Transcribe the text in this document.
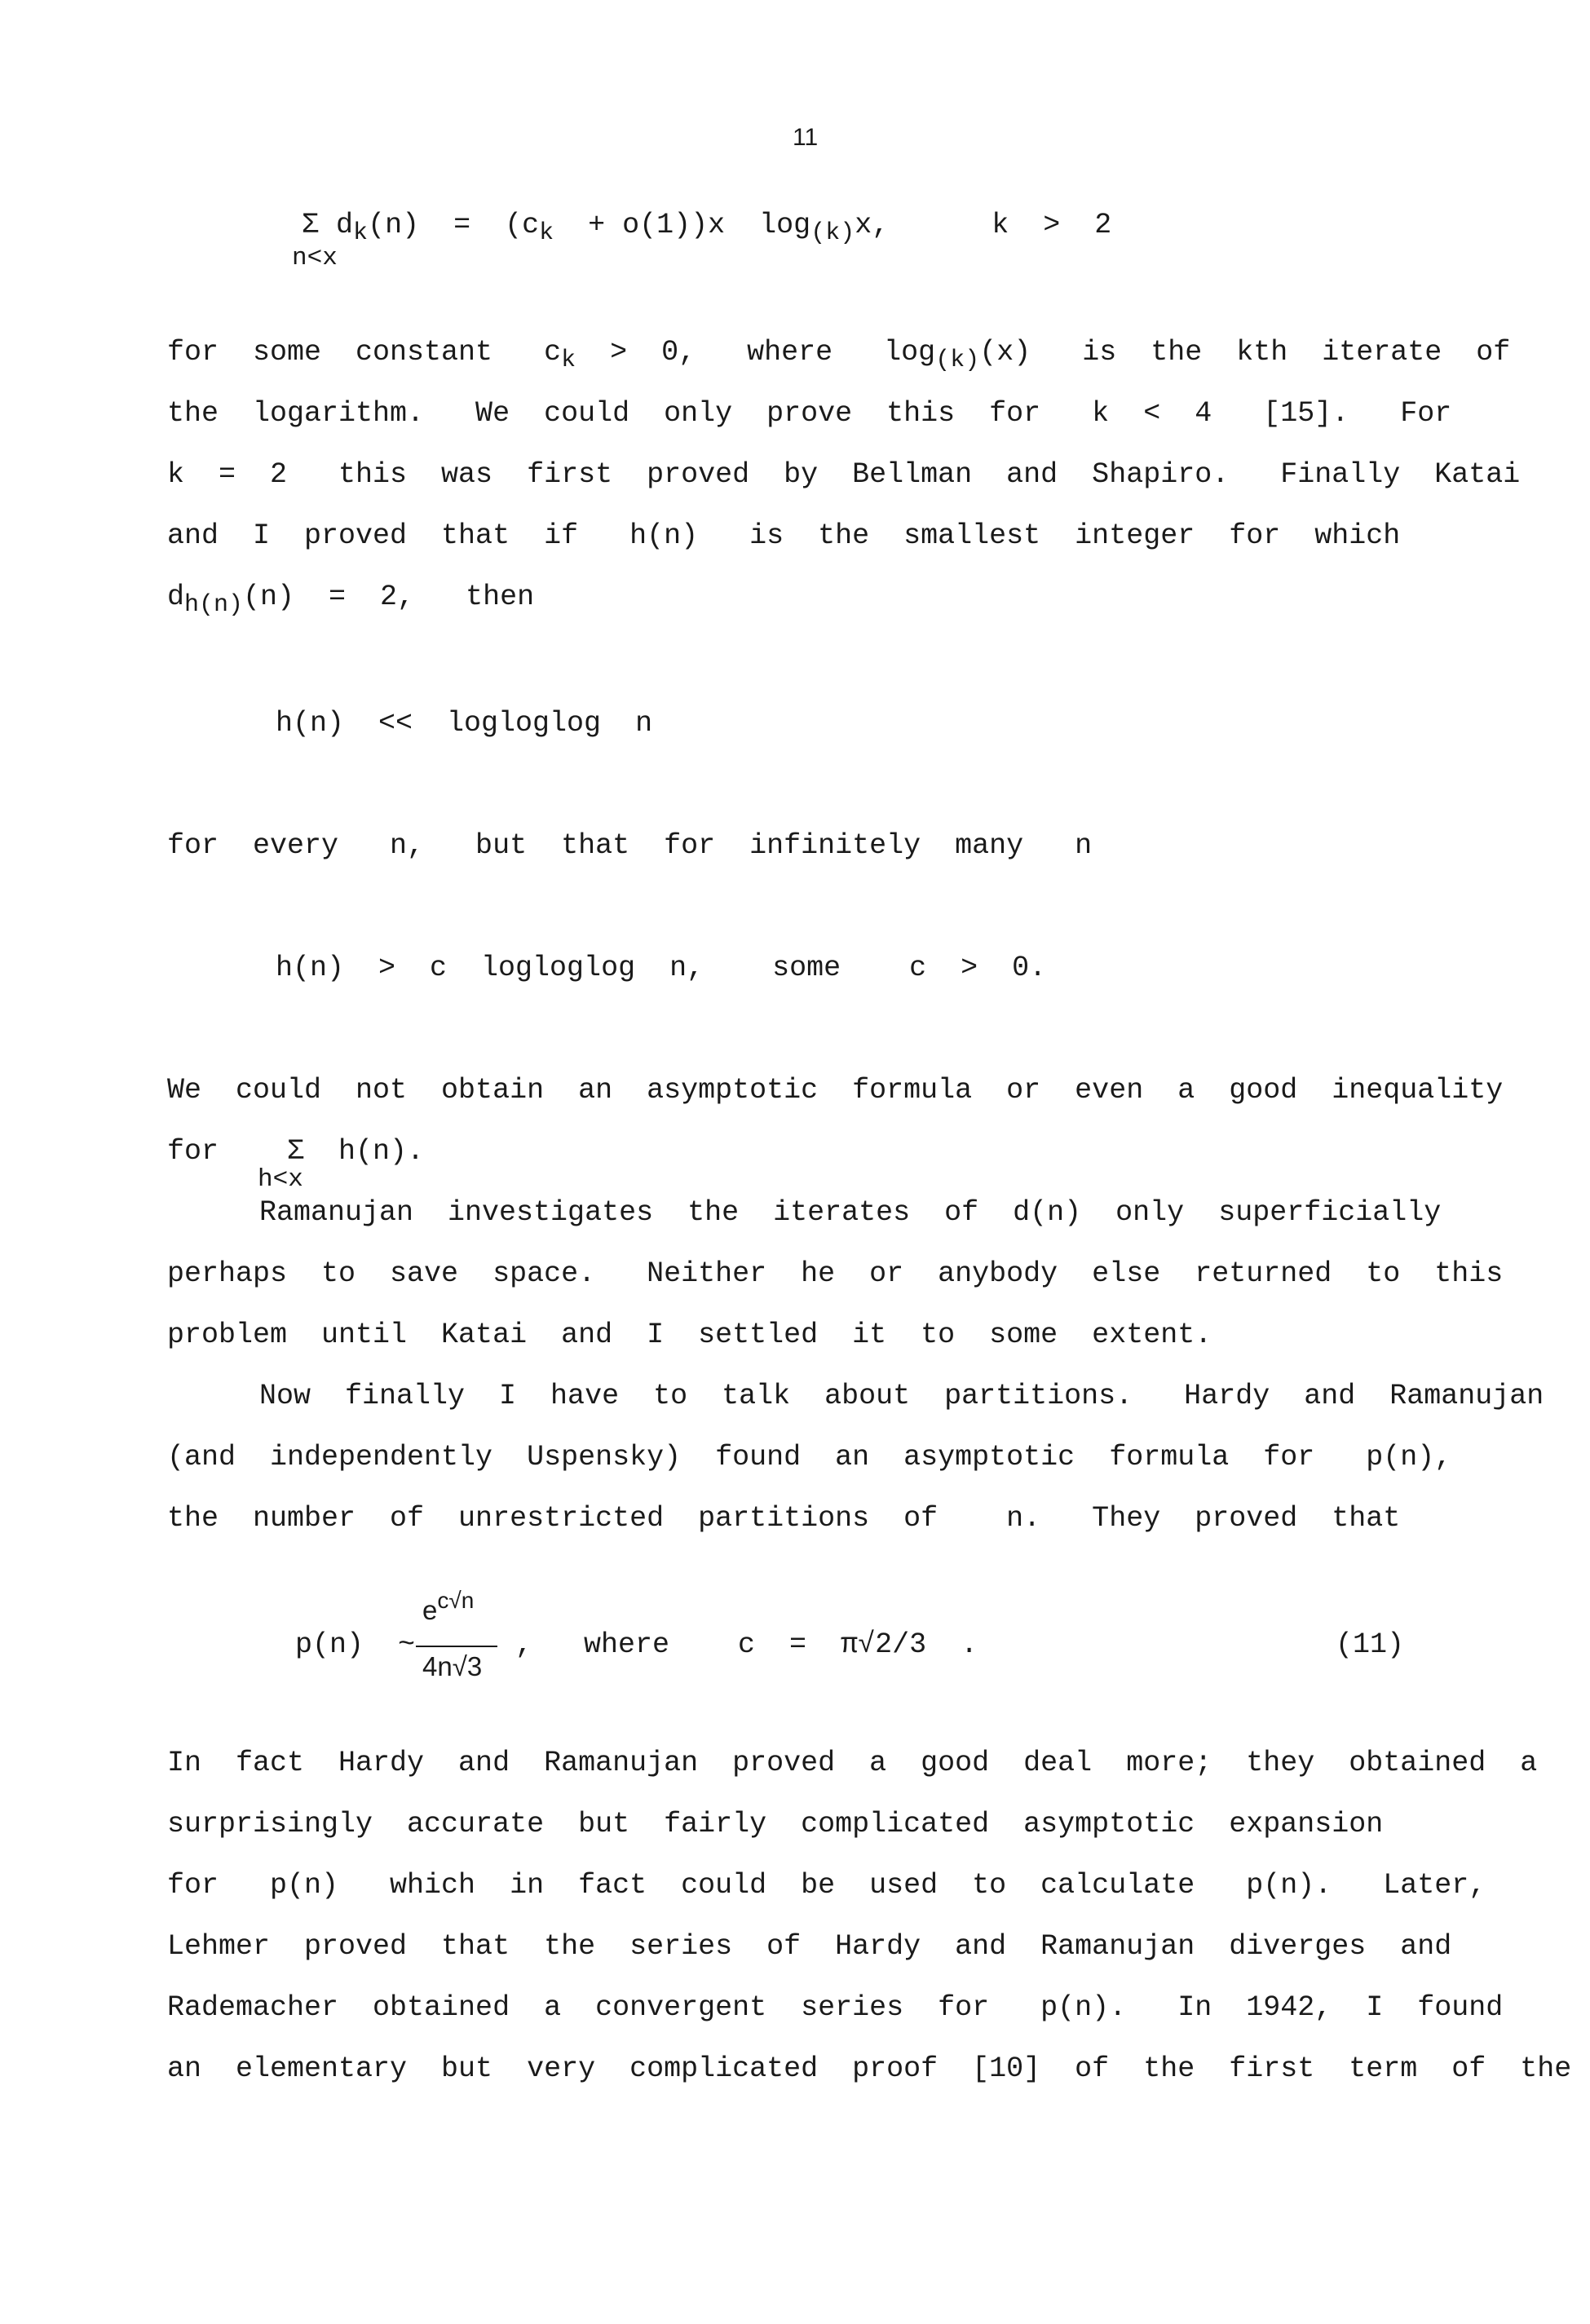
11
Σ $d_k(n) = (c_k + o(1))x$  $\log_{(k)}x$,      k  >  2
n<x
for  some  constant   $c_k > 0$,   where   $\log_{(k)}(x)$   is  the  kth  iterate  of
the  logarithm.   We  could  only  prove  this  for   k  <  4   [15].   For
k  =  2   this  was  first  proved  by  Bellman  and  Shapiro.   Finally  Katai
and  I  proved  that  if   h(n)   is  the  smallest  integer  for  which
$d_{h(n)}(n) = 2$,   then
h(n)  <<  logloglog  n
for  every   n,   but  that  for  infinitely  many   n
h(n)  >  c  logloglog  n,    some    c  >  0.
We  could  not  obtain  an  asymptotic  formula  or  even  a  good  inequality
for    Σ  h(n).
h<x
Ramanujan  investigates  the  iterates  of  d(n)  only  superficially
perhaps  to  save  space.   Neither  he  or  anybody  else  returned  to  this
problem  until  Katai  and  I  settled  it  to  some  extent.
Now  finally  I  have  to  talk  about  partitions.   Hardy  and  Ramanujan
(and  independently  Uspensky)  found  an  asymptotic  formula  for   p(n),
the  number  of  unrestricted  partitions  of    n.   They  proved  that
p(n)  ~
$e^{c√n}$
4n√3
,   where    c  =  π√2/3  .	(11)
In  fact  Hardy  and  Ramanujan  proved  a  good  deal  more;  they  obtained  a
surprisingly  accurate  but  fairly  complicated  asymptotic  expansion
for   p(n)   which  in  fact  could  be  used  to  calculate   p(n).   Later,
Lehmer  proved  that  the  series  of  Hardy  and  Ramanujan  diverges  and
Rademacher  obtained  a  convergent  series  for   p(n).   In  1942,  I  found
an  elementary  but  very  complicated  proof  [10]  of  the  first  term  of  the
